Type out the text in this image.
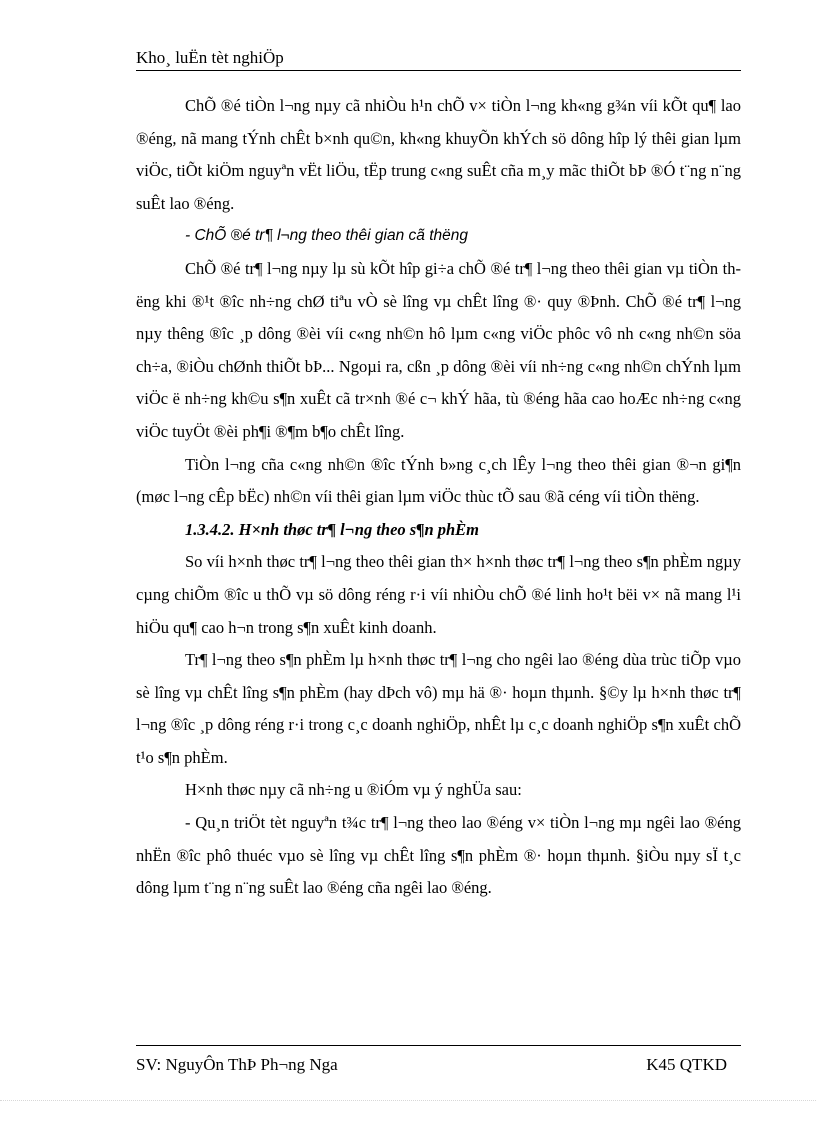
Kho¸ luËn tèt nghiÖp

ChÕ ®é tiÒn l¬ng nµy cã nhiÒu h¹n chÕ v× tiÒn l¬ng kh«ng g¾n víi kÕt qu¶ lao ®éng, nã mang tÝnh chÊt b×nh qu©n, kh«ng khuyÕn khÝch sö dông hîp lý thêi gian lµm viÖc, tiÕt kiÖm nguyªn vËt liÖu, tËp trung c«ng suÊt cña m¸y mãc thiÕt bÞ ®Ó t¨ng n¨ng suÊt lao ®éng.

- ChÕ ®é tr¶ l¬ng theo thêi gian cã thëng

ChÕ ®é tr¶ l¬ng nµy lµ sù kÕt hîp gi÷a chÕ ®é tr¶ l¬ng theo thêi gian vµ tiÒn thëng khi ®¹t ®îc nh÷ng chØ tiªu vÒ sè lîng vµ chÊt lîng ®· quy ®Þnh. ChÕ ®é tr¶ l¬ng nµy thêng ®îc ¸p dông ®èi víi c«ng nh©n hô lµm c«ng viÖc phôc vô nh c«ng nh©n söa ch÷a, ®iÒu chØnh thiÕt bÞ... Ngoµi ra, cßn ¸p dông ®èi víi nh÷ng c«ng nh©n chÝnh lµm viÖc ë nh÷ng kh©u s¶n xuÊt cã tr×nh ®é c¬ khÝ hãa, tù ®éng hãa cao hoÆc nh÷ng c«ng viÖc tuyÖt ®èi ph¶i ®¶m b¶o chÊt lîng.

TiÒn l¬ng cña c«ng nh©n ®îc tÝnh b»ng c¸ch lÊy l¬ng theo thêi gian ®¬n gi¶n (møc l¬ng cÊp bËc) nh©n víi thêi gian lµm viÖc thùc tÕ sau ®ã céng víi tiÒn thëng.

1.3.4.2. H×nh thøc tr¶ l¬ng theo s¶n phÈm

So víi h×nh thøc tr¶ l¬ng theo thêi gian th× h×nh thøc tr¶ l¬ng theo s¶n phÈm ngµy cµng chiÕm ®îc u thÕ vµ sö dông réng r·i víi nhiÒu chÕ ®é linh ho¹t bëi v× nã mang l¹i hiÖu qu¶ cao h¬n trong s¶n xuÊt kinh doanh.

Tr¶ l¬ng theo s¶n phÈm lµ h×nh thøc tr¶ l¬ng cho ngêi lao ®éng dùa trùc tiÕp vµo sè lîng vµ chÊt lîng s¶n phÈm (hay dÞch vô) mµ hä ®· hoµn thµnh. §©y lµ h×nh thøc tr¶ l¬ng ®îc ¸p dông réng r·i trong c¸c doanh nghiÖp, nhÊt lµ c¸c doanh nghiÖp s¶n xuÊt chÕ t¹o s¶n phÈm.

H×nh thøc nµy cã nh÷ng u ®iÓm vµ ý nghÜa sau:

- Qu¸n triÖt tèt nguyªn t¾c tr¶ l¬ng theo lao ®éng v× tiÒn l¬ng mµ ngêi lao ®éng nhËn ®îc phô thuéc vµo sè lîng vµ chÊt lîng s¶n phÈm ®· hoµn thµnh. §iÒu nµy sÏ t¸c dông lµm t¨ng n¨ng suÊt lao ®éng cña ngêi lao ®éng.

SV: NguyÔn ThÞ Ph¬ng Nga	K45 QTKD
